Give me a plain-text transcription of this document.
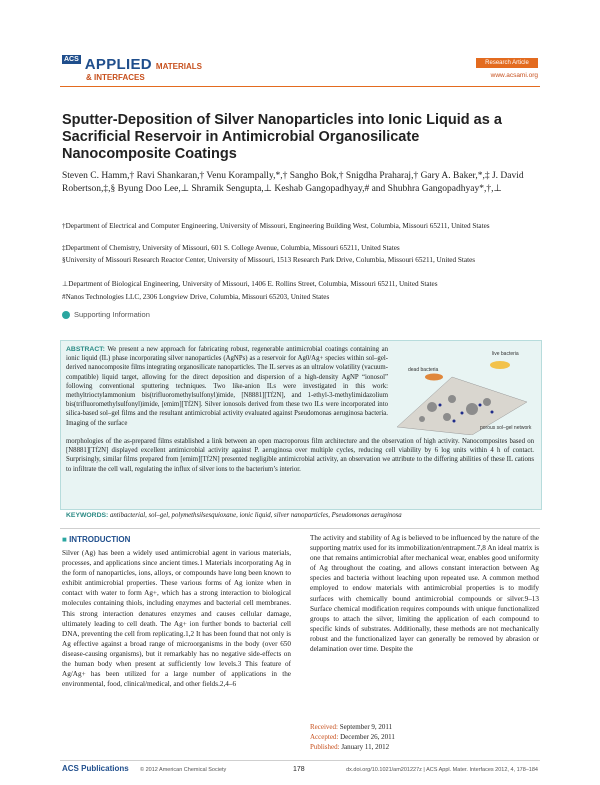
$^{ACS}$ APPLIED MATERIALS
& INTERFACES
Research Article
www.acsami.org
Sputter-Deposition of Silver Nanoparticles into Ionic Liquid as a Sacrificial Reservoir in Antimicrobial Organosilicate Nanocomposite Coatings
Steven C. Hamm,† Ravi Shankaran,† Venu Korampally,*,† Sangho Bok,† Snigdha Praharaj,† Gary A. Baker,*,‡ J. David Robertson,‡,§ Byung Doo Lee,⊥ Shramik Sengupta,⊥ Keshab Gangopadhyay,# and Shubhra Gangopadhyay*,†,⊥
†Department of Electrical and Computer Engineering, University of Missouri, Engineering Building West, Columbia, Missouri 65211, United States
‡Department of Chemistry, University of Missouri, 601 S. College Avenue, Columbia, Missouri 65211, United States
§University of Missouri Research Reactor Center, University of Missouri, 1513 Research Park Drive, Columbia, Missouri 65211, United States
⊥Department of Biological Engineering, University of Missouri, 1406 E. Rollins Street, Columbia, Missouri 65211, United States
#Nanos Technologies LLC, 2306 Longview Drive, Columbia, Missouri 65203, United States
Supporting Information
ABSTRACT: We present a new approach for fabricating robust, regenerable antimicrobial coatings containing an ionic liquid (IL) phase incorporating silver nanoparticles (AgNPs) as a reservoir for Ag0/Ag+ species within sol–gel-derived nanocomposite films integrating organosilicate nanoparticles. The IL serves as an ultralow volatility (vacuum-compatible) liquid target, allowing for the direct deposition and dispersion of a high-density AgNP “ionosol” following conventional sputtering techniques. Two like-anion ILs were investigated in this work: methyltrioctylammonium bis(trifluoromethylsulfonyl)imide, [N8881][Tf2N], and 1-ethyl-3-methylimidazolium bis(trifluoromethylsulfonyl)imide, [emim][Tf2N]. Silver ionosols derived from these two ILs were incorporated into silica-based sol–gel films and the resultant antimicrobial activity evaluated against Pseudomonas aeruginosa bacteria. Imaging of the surface
live bacteria
dead bacteria
porous sol–gel network
morphologies of the as-prepared films established a link between an open macroporous film architecture and the observation of high activity. Nanocomposites based on [N8881][Tf2N] displayed excellent antimicrobial activity against P. aeruginosa over multiple cycles, reducing cell viability by 6 log units within 4 h of contact. Surprisingly, similar films prepared from [emim][Tf2N] presented negligible antimicrobial activity, an observation we attribute to the differing abilities of these IL cations to infiltrate the cell wall, regulating the influx of silver ions to the bacterium’s interior.
KEYWORDS: antibacterial, sol–gel, polymethsilsesquioxane, ionic liquid, silver nanoparticles, Pseudomonas aeruginosa
■ INTRODUCTION
Silver (Ag) has been a widely used antimicrobial agent in various materials, processes, and applications since ancient times.1 Materials incorporating Ag in the form of nanoparticles, ions, alloys, or compounds have long been known to exhibit antimicrobial properties. These various forms of Ag ionize when in contact with water to form Ag+, which has a strong interaction to biological molecules containing thiols, including enzymes and bacterial cell membranes. This strong interaction denatures enzymes and causes cellular damage, ultimately leading to cell death. The Ag+ ion further bonds to bacterial cell DNA, preventing the cell from replicating.1,2 It has been found that not only is Ag effective against a broad range of microorganisms in the body (over 650 disease-causing organisms), but it remarkably has no negative side-effects on the human body when present at sufficiently low levels.3 This feature of Ag/Ag+ has been utilized for a large number of applications in the environmental, food, clinical/medical, and other fields.2,4–6
The activity and stability of Ag is believed to be influenced by the nature of the supporting matrix used for its immobilization/entrapment.7,8 An ideal matrix is one that remains antimicrobial after mechanical wear, enables good uniformity of Ag throughout the coating, and allows constant interaction between Ag species and bacteria without leaching upon repeated use. A common method employed to endow materials with antimicrobial properties is to modify surfaces with chemically bound antimicrobial compounds or silver.9–13 Surface chemical modification requires compounds with unique functionalized groups to attach the silver, limiting the application of each compound to specific kinds of substrates. Additionally, these methods are not mechanically robust and the functionalized layer can generally be removed by abrasion or delamination over time. Despite the
Received: September 9, 2011
Accepted: December 26, 2011
Published: January 11, 2012
ACS Publications © 2012 American Chemical Society	178	dx.doi.org/10.1021/am201227z | ACS Appl. Mater. Interfaces 2012, 4, 178–184
